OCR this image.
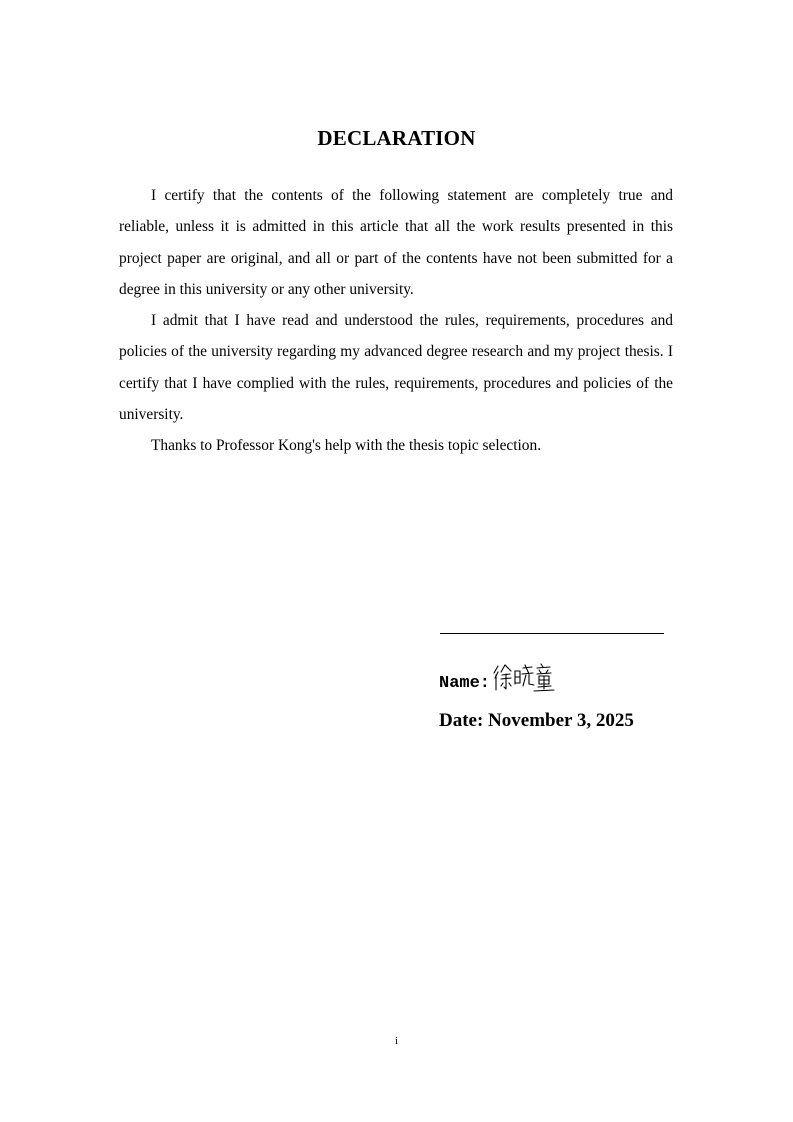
DECLARATION

I certify that the contents of the following statement are completely true and reliable, unless it is admitted in this article that all the work results presented in this project paper are original, and all or part of the contents have not been submitted for a degree in this university or any other university.

I admit that I have read and understood the rules, requirements, procedures and policies of the university regarding my advanced degree research and my project thesis. I certify that I have complied with the rules, requirements, procedures and policies of the university.

Thanks to Professor Kong's help with the thesis topic selection.

Name:
Date: November 3, 2025
i
